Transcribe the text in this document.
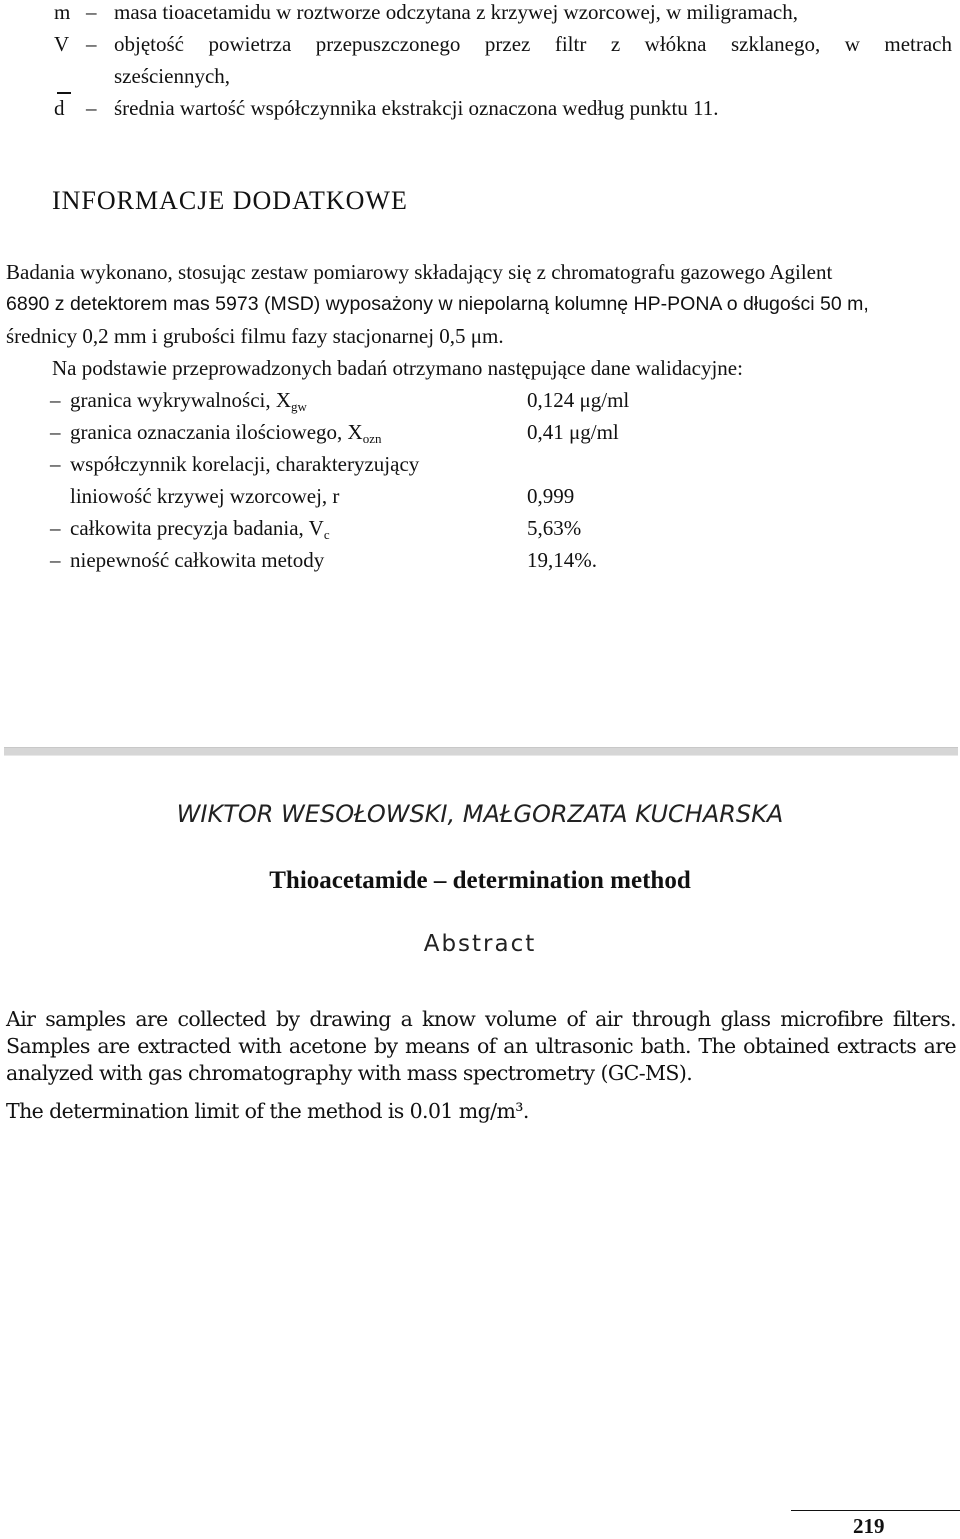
m – masa tioacetamidu w roztworze odczytana z krzywej wzorcowej, w miligramach,
V – objętość powietrza przepuszczonego przez filtr z włókna szklanego, w metrach
sześciennych,
d – średnia wartość współczynnika ekstrakcji oznaczona według punktu 11.
INFORMACJE DODATKOWE
Badania wykonano, stosując zestaw pomiarowy składający się z chromatografu gazowego Agilent
6890 z detektorem mas 5973 (MSD) wyposażony w niepolarną kolumnę HP-PONA o długości 50 m,
średnicy 0,2 mm i grubości filmu fazy stacjonarnej 0,5 μm.
Na podstawie przeprowadzonych badań otrzymano następujące dane walidacyjne:
– granica wykrywalności, $X_{gw}$	0,124 μg/ml
– granica oznaczania ilościowego, $X_{ozn}$	0,41 μg/ml
– współczynnik korelacji, charakteryzujący
liniowość krzywej wzorcowej, r	0,999
– całkowita precyzja badania, $V_c$	5,63%
– niepewność całkowita metody	19,14%.
WIKTOR WESOŁOWSKI, MAŁGORZATA KUCHARSKA
Thioacetamide – determination method
Abstract
Air samples are collected by drawing a know volume of air through glass microfibre filters. Samples are extracted with acetone by means of an ultrasonic bath. The obtained extracts are analyzed with gas chromatography with mass spectrometry (GC-MS).
The determination limit of the method is 0.01 mg/m³.
219
